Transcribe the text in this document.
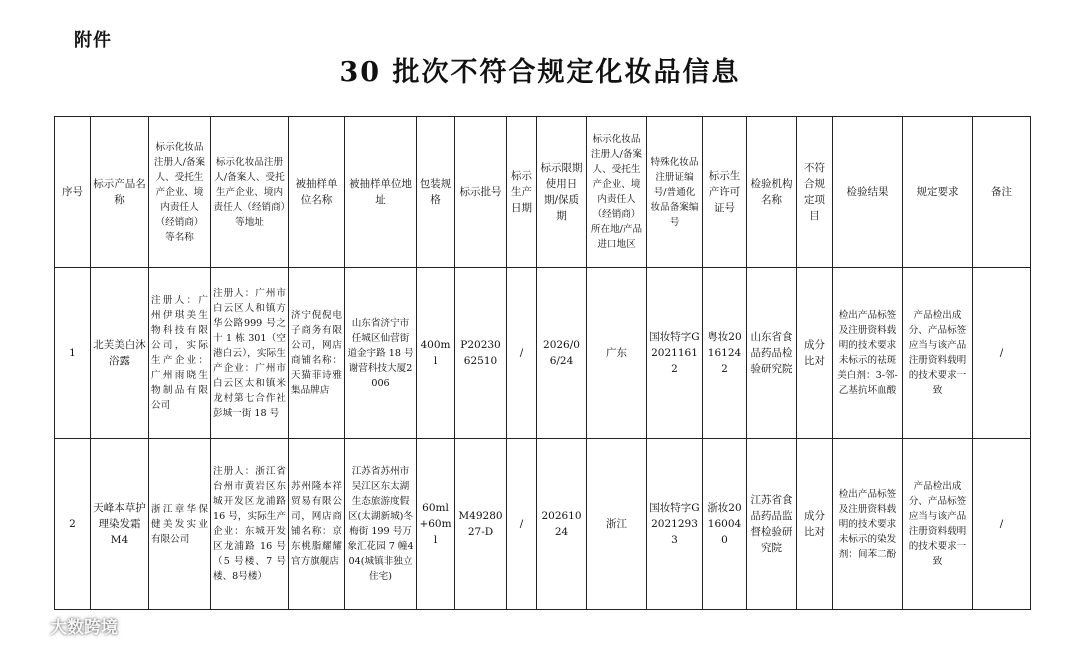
附件
30 批次不符合规定化妆品信息
序号	标示产品名称	标示化妆品注册人/备案人、受托生产企业、境内责任人（经销商）等名称	标示化妆品注册人/备案人、受托生产企业、境内责任人（经销商）等地址	被抽样单位名称	被抽样单位地址	包装规格	标示批号	标示生产日期	标示限期使用日期/保质期	标示化妆品注册人/备案人、受托生产企业、境内责任人（经销商）所在地/产品进口地区	特殊化妆品注册证编号/普通化妆品备案编号	标示生产许可证号	检验机构名称	不符合规定项目	检验结果	规定要求	备注
1	北芙美白沐浴露	注册人：广州伊琪美生物科技有限公司，实际生产企业：广州雨晓生物制品有限公司	注册人：广州市白云区人和镇方华公路999 号之十 1 栋 301（空港白云），实际生产企业：广州市白云区太和镇米龙村第七合作社彭城一街 18 号	济宁倪倪电子商务有限公司，网店商铺名称：天猫菲诗雅集品牌店	山东省济宁市任城区仙营街道金宇路 18 号谢营科技大厦2006	400ml	P2023062510	/	2026/06/24	广东	国妆特字G20211612	粤妆20161242	山东省食品药品检验研究院	成分比对	检出产品标签及注册资料载明的技术要求未标示的祛斑美白剂：3-邻-乙基抗坏血酸	产品检出成分、产品标签应当与该产品注册资料载明的技术要求一致	/
2	天峰本草护理染发霜 M4	浙江章华保健美发实业有限公司	注册人：浙江省台州市黄岩区东城开发区龙浦路 16 号，实际生产企业：东城开发区龙浦路 16 号（5 号楼、7 号楼、8号楼）	苏州隆本祥贸易有限公司，网店商铺名称：京东桃脂耀耀官方旗舰店	江苏省苏州市吴江区东太湖生态旅游度假区(太湖新城)冬梅街 199 号万象汇花园 7 幢404(城镇非独立住宅)	60ml+60ml	M4928027-D	/	20261024	浙江	国妆特字G20212933	浙妆20160040	江苏省食品药品监督检验研究院	成分比对	检出产品标签及注册资料载明的技术要求未标示的染发剂：间苯二酚	产品检出成分、产品标签应当与该产品注册资料载明的技术要求一致	/
大数跨境
